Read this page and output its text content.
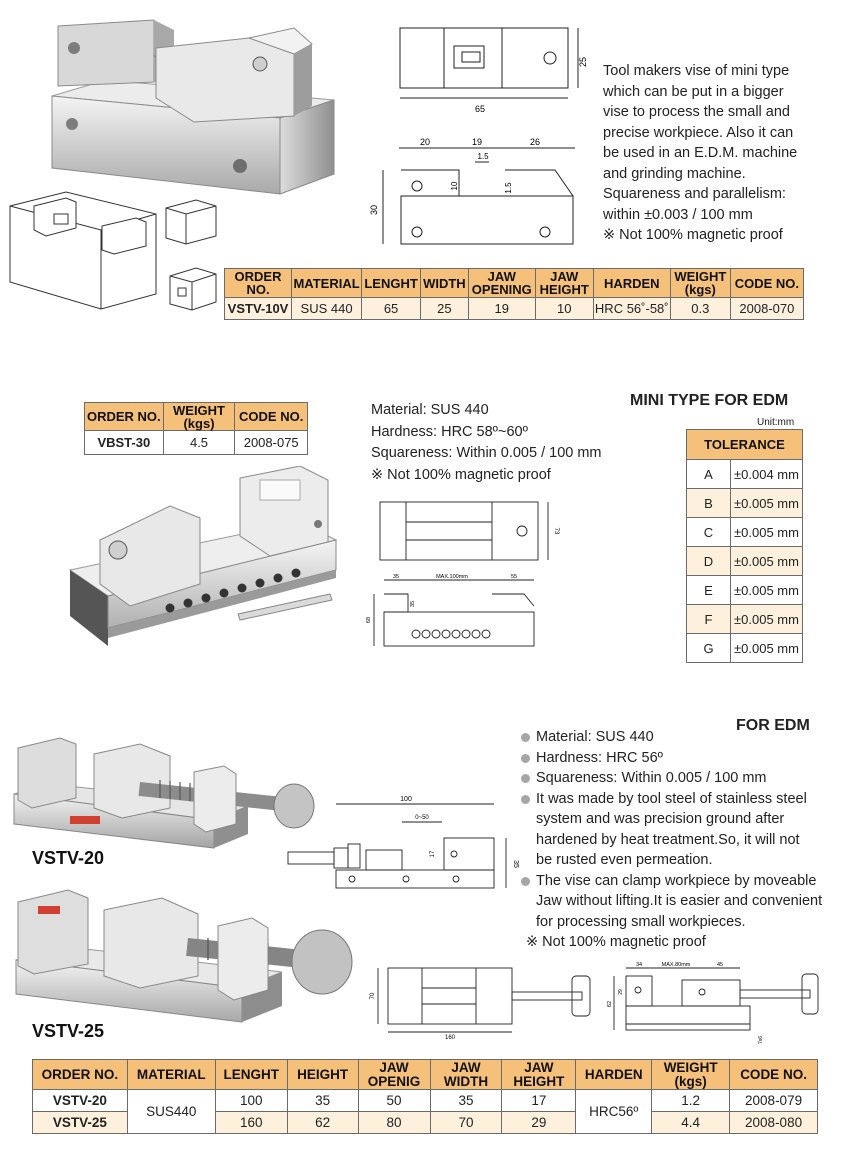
65
25
20	19	26
1.5
10	1.5
30
Tool makers vise of mini type
which can be put in a bigger
vise to process the small and
precise workpiece. Also it can
be used in an E.D.M. machine
and grinding machine.
Squareness and parallelism:
within ±0.003 / 100 mm
※ Not 100% magnetic proof
ORDER NO.	MATERIAL	LENGHT	WIDTH	JAW OPENING	JAW HEIGHT	HARDEN	WEIGHT (kgs)	CODE NO.
VSTV-10V	SUS 440	65	25	19	10	HRC 56˚-58˚	0.3	2008-070
MINI TYPE FOR EDM
Unit:mm
ORDER NO.	WEIGHT (kgs)	CODE NO.
VBST-30	4.5	2008-075
Material: SUS 440
Hardness: HRC 58º~60º
Squareness: Within 0.005 / 100 mm
※ Not 100% magnetic proof
73
35	MAX.100mm	55
68
35
TOLERANCE	
A	±0.004 mm
B	±0.005 mm
C	±0.005 mm
D	±0.005 mm
E	±0.005 mm
F	±0.005 mm
G	±0.005 mm
FOR EDM
VSTV-20
VSTV-25
100
0~50
17
35
Material: SUS 440
Hardness: HRC 56º
Squareness: Within 0.005 / 100 mm
It was made by tool steel of stainless steel
system and was precision ground after
hardened by heat treatment.So, it will not
be rusted even permeation.
The vise can clamp workpiece by moveable
Jaw without lifting.It is easier and convenient
for processing small workpieces.
※ Not 100% magnetic proof
70
160
34	MAX.80mm	45
62
29
7x6
ORDER NO.	MATERIAL	LENGHT	HEIGHT	JAW OPENIG	JAW WIDTH	JAW HEIGHT	HARDEN	WEIGHT (kgs)	CODE NO.
VSTV-20	SUS440	100	35	50	35	17	HRC56º	1.2	2008-079
VSTV-25		160	62	80	70	29		4.4	2008-080
